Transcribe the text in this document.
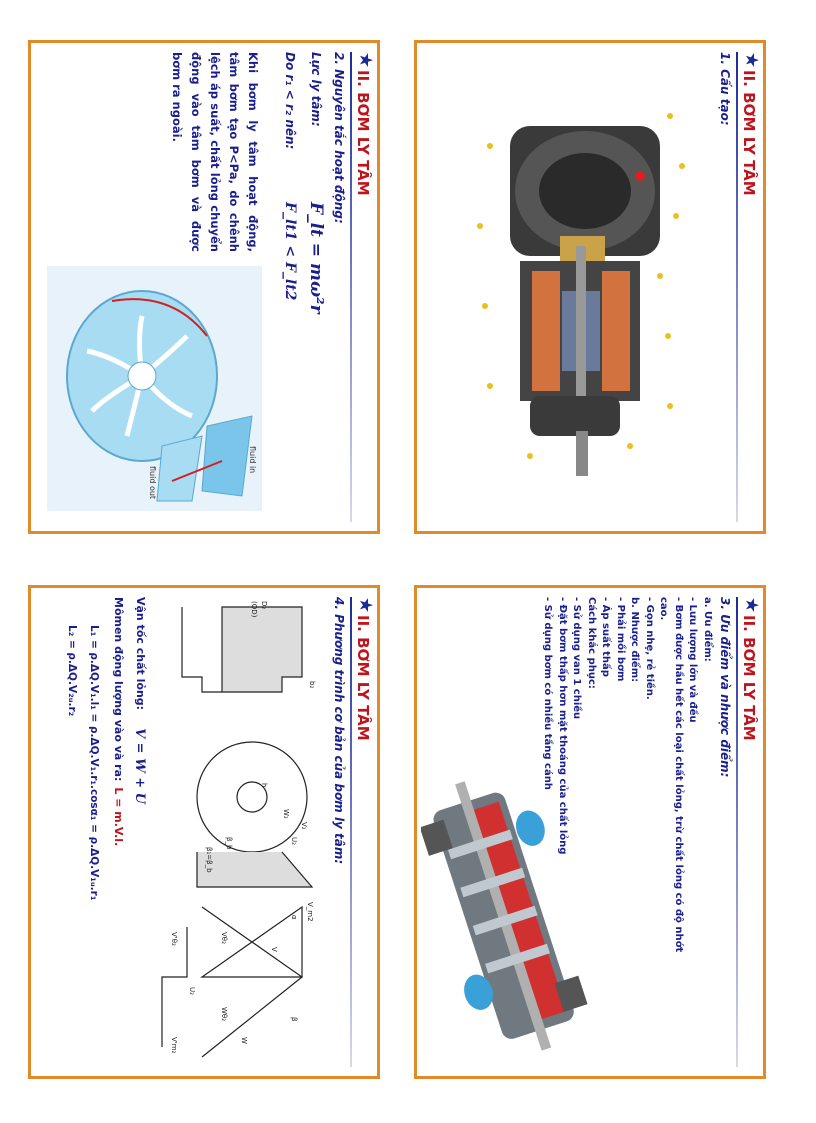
★
II. BƠM LY TÂM
1. Cấu tạo:
★
II. BƠM LY TÂM
2. Nguyên tắc hoạt động:
Lực ly tâm:
F_lt = mω²r
Do r₁ < r₂ nên:
F_lt1 < F_lt2
Khi bơm ly tâm hoạt động, tâm bơm tạo P<Pa, do chênh lệch áp suất, chất lỏng chuyển động vào tâm bơm và được bơm ra ngoài.
fluid in
fluid out
★
II. BƠM LY TÂM
3. Ưu điểm và nhược điểm:
a. Ưu điểm:
- Lưu lượng lớn và đều
- Bơm được hầu hết các loại chất lỏng, trừ chất lỏng có độ nhớt
cao.
- Gọn nhẹ, rẻ tiền.
b. Nhược điểm:
- Phải mồi bơm
- Áp suất thấp
Cách khắc phục:
- Sử dụng van 1 chiều
- Đặt bơm thấp hơn mặt thoáng của chất lỏng
- Sử dụng bơm có nhiều tầng cánh
★
II. BƠM LY TÂM
4. Phương trình cơ bản của bơm ly tâm:
b₂
D₂
(OD)
V₂
U₂
W₂
h
β_b
β₁=β_b
V_m2
V
W
Vθ₂
Wθ₂
U₂
α
β
V'θ₂
V'm₂
Vận tốc chất lỏng:
V = W + U
Mômen động lượng vào và ra:
L = m.V.l.
L₁ = ρ.ΔQ.V₁.l₁ = ρ.ΔQ.V₁.r₁.cosα₁ = ρ.ΔQ.V₁ᵤ.r₁
L₂ = ρ.ΔQ.V₂ᵤ.r₂
